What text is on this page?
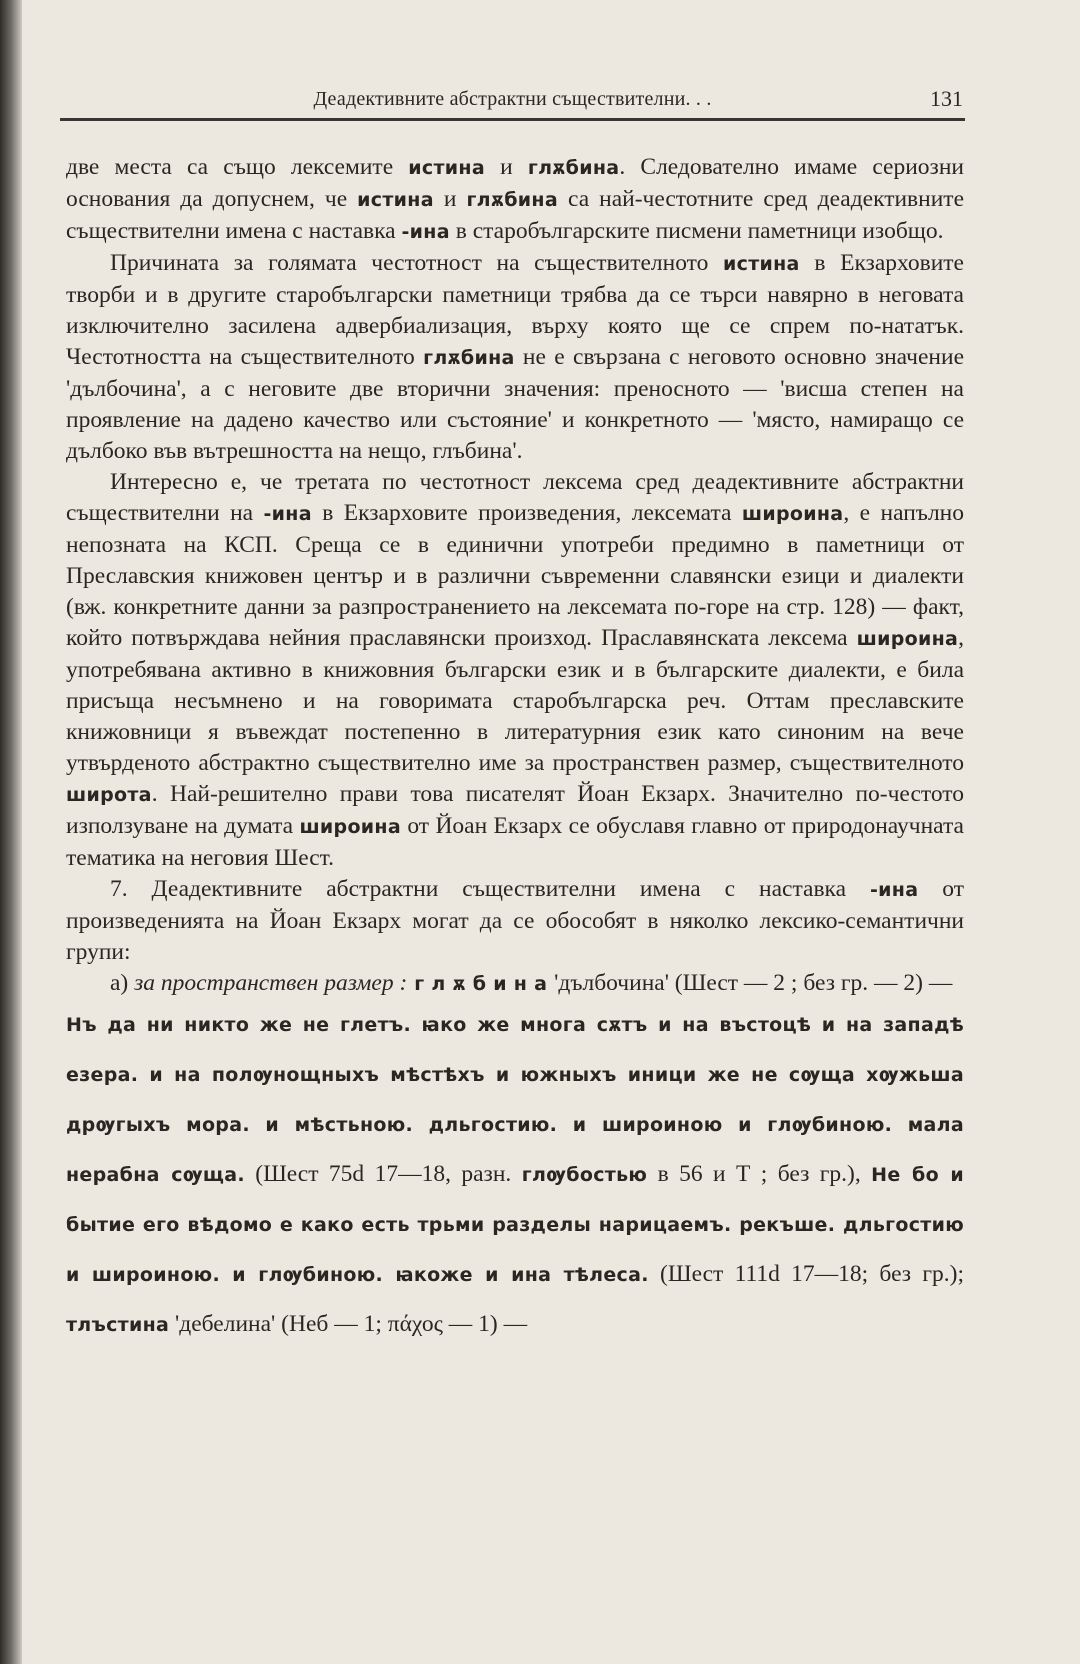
Деадективните абстрактни съществителни. . .	131

две места са също лексемите истина и глѫбина. Следователно имаме сериозни основания да допуснем, че истина и глѫбина са най-честотните сред деадективните съществителни имена с наставка -ина в старобългарските писмени паметници изобщо.

Причината за голямата честотност на съществителното истина в Екзарховите творби и в другите старобългарски паметници трябва да се търси навярно в неговата изключително засилена адвербиализация, върху която ще се спрем по-нататък. Честотността на съществителното глѫбина не е свързана с неговото основно значение 'дълбочина', а с неговите две вторични значения: преносното — 'висша степен на проявление на дадено качество или състояние' и конкретното — 'място, намиращо се дълбоко във вътрешността на нещо, глъбина'.

Интересно е, че третата по честотност лексема сред деадективните абстрактни съществителни на -ина в Екзарховите произведения, лексемата широина, е напълно непозната на КСП. Среща се в единични употреби предимно в паметници от Преславския книжовен център и в различни съвременни славянски езици и диалекти (вж. конкретните данни за разпространението на лексемата по-горе на стр. 128) — факт, който потвърждава нейния праславянски произход. Праславянската лексема широина, употребявана активно в книжовния български език и в българските диалекти, е била присъща несъмнено и на говоримата старобългарска реч. Оттам преславските книжовници я въвеждат постепенно в литературния език като синоним на вече утвърденото абстрактно съществително име за пространствен размер, съществителното широта. Най-решително прави това писателят Йоан Екзарх. Значително по-честото използуване на думата широина от Йоан Екзарх се обуславя главно от природонаучната тематика на неговия Шест.

7. Деадективните абстрактни съществителни имена с наставка -ина от произведенията на Йоан Екзарх могат да се обособят в няколко лексико-семантични групи:

а) за пространствен размер : г л ѫ б и н а 'дълбочина' (Шест — 2 ; без гр. — 2) —

Нъ да ни никто же не глетъ. ꙗко же многа сѫтъ и на въстоцѣ и на западѣ езера. и на полѹнощныхъ мѣстѣхъ и южныхъ иници же не сѹща хѹжьша дрѹгыхъ мора. и мѣстьною. дльгостию. и широиною и глѹбиною. мала нерабна сѹща. (Шест 75d 17—18, разн. глѹбостью в 56 и Т ; без гр.), Не бо и бытие его вѣдомо е како есть трьми разделы нарицаемъ. рекъше. дльгостию и широиною. и глѹбиною. ꙗкоже и ина тѣлеса. (Шест 111d 17—18; без гр.); тлъстина 'дебелина' (Неб — 1; πάχος — 1) —
